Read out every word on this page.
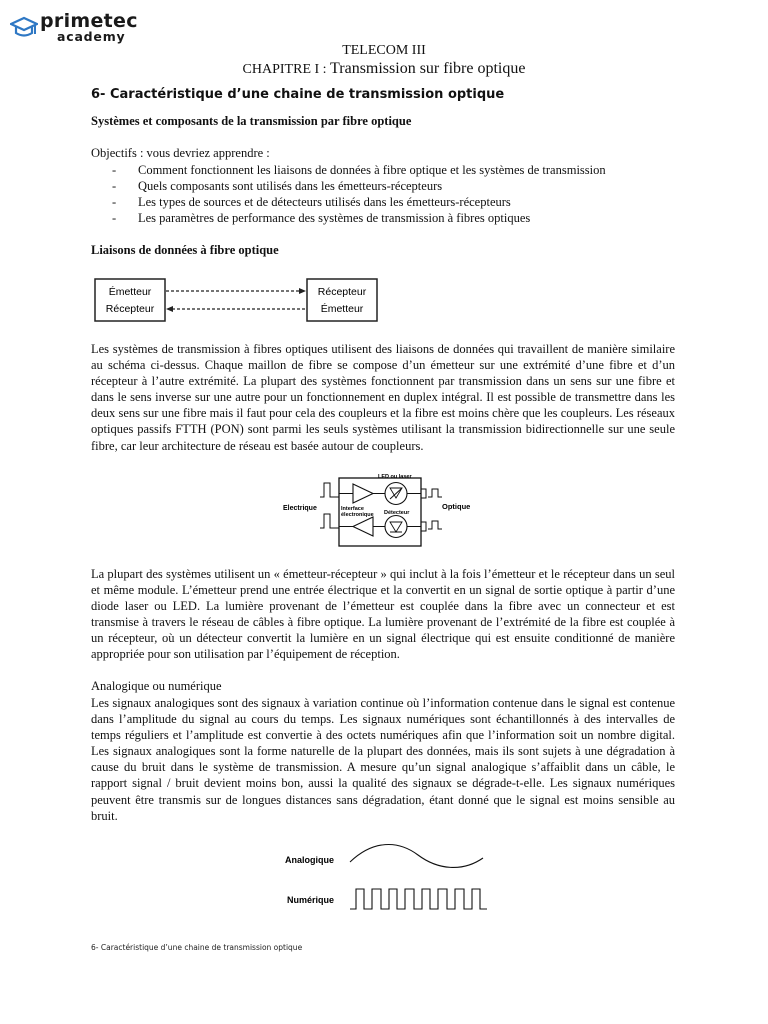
primetec
academy
TELECOM III
CHAPITRE I : Transmission sur fibre optique
6- Caractéristique d’une chaine de transmission optique
Systèmes et composants de la transmission par fibre optique
Objectifs : vous devriez apprendre :
-	Comment fonctionnent les liaisons de données à fibre optique et les systèmes de transmission
-	Quels composants sont utilisés dans les émetteurs-récepteurs
-	Les types de sources et de détecteurs utilisés dans les émetteurs-récepteurs
-	Les paramètres de performance des systèmes de transmission à fibres optiques
Liaisons de données à fibre optique
Émetteur
Récepteur
Récepteur
Émetteur

Les systèmes de transmission à fibres optiques utilisent des liaisons de données qui travaillent de manière similaire au schéma ci-dessus. Chaque maillon de fibre se compose d’un émetteur sur une extrémité d’une fibre et d’un récepteur à l’autre extrémité. La plupart des systèmes fonctionnent par transmission dans un sens sur une fibre et dans le sens inverse sur une autre pour un fonctionnement en duplex intégral. Il est possible de transmettre dans les deux sens sur une fibre mais il faut pour cela des coupleurs et la fibre est moins chère que les coupleurs. Les réseaux optiques passifs FTTH (PON) sont parmi les seuls systèmes utilisant la transmission bidirectionnelle sur une seule fibre, car leur architecture de réseau est basée autour de coupleurs.

Electrique	Interface
électronique
LED ou laser
Détecteur
Optique

La plupart des systèmes utilisent un « émetteur-récepteur » qui inclut à la fois l’émetteur et le récepteur dans un seul et même module. L’émetteur prend une entrée électrique et la convertit en un signal de sortie optique à partir d’une diode laser ou LED. La lumière provenant de l’émetteur est couplée dans la fibre avec un connecteur et est transmise à travers le réseau de câbles à fibre optique. La lumière provenant de l’extrémité de la fibre est couplée à un récepteur, où un détecteur convertit la lumière en un signal électrique qui est ensuite conditionné de manière appropriée pour son utilisation par l’équipement de réception.

Analogique ou numérique

Les signaux analogiques sont des signaux à variation continue où l’information contenue dans le signal est contenue dans l’amplitude du signal au cours du temps. Les signaux numériques sont échantillonnés à des intervalles de temps réguliers et l’amplitude est convertie à des octets numériques afin que l’information soit un nombre digital. Les signaux analogiques sont la forme naturelle de la plupart des données, mais ils sont sujets à une dégradation à cause du bruit dans le système de transmission. A mesure qu’un signal analogique s’affaiblit dans un câble, le rapport signal / bruit devient moins bon, aussi la qualité des signaux se dégrade-t-elle. Les signaux numériques peuvent être transmis sur de longues distances sans dégradation, étant donné que le signal est moins sensible au bruit.

Analogique
Numérique
6- Caractéristique d’une chaine de transmission optique
